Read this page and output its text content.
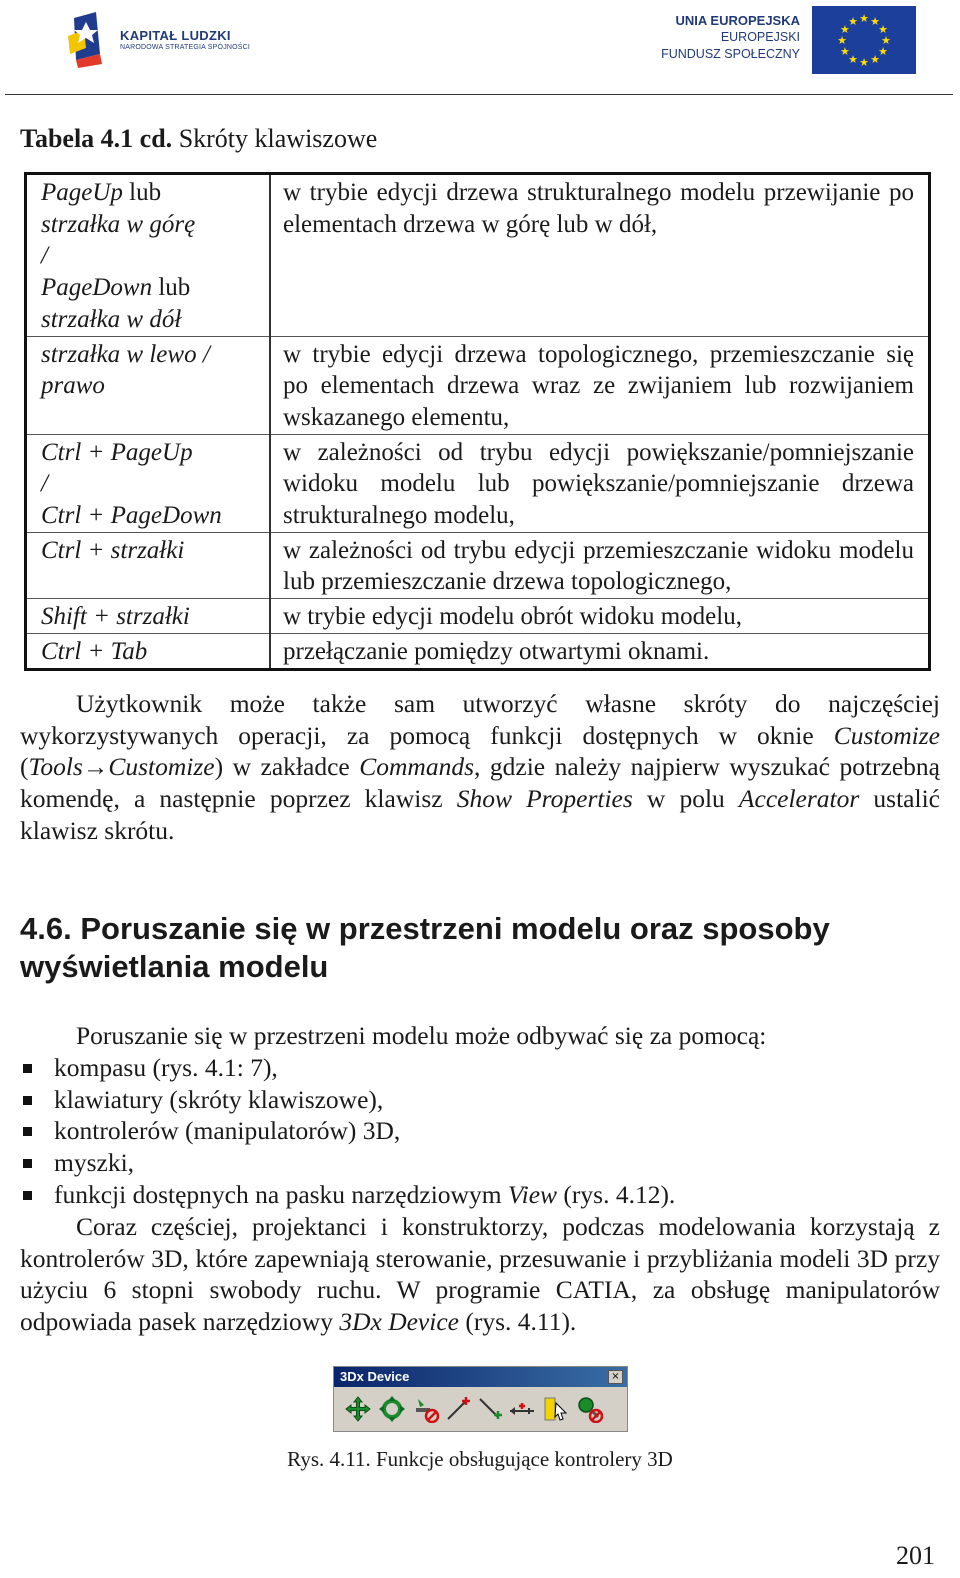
KAPITAŁ LUDZKI
NARODOWA STRATEGIA SPÓJNOŚCI
UNIA EUROPEJSKA
EUROPEJSKI
FUNDUSZ SPOŁECZNY
★ ★
★
★
★
★
★
★
★
★
★
★
Tabela 4.1 cd. Skróty klawiszowe
PageUp lub
strzałka w górę
/
PageDown lub
strzałka w dół	w trybie edycji drzewa strukturalnego modelu przewijanie po elementach drzewa w górę lub w dół,

strzałka w lewo /
prawo	w trybie edycji drzewa topologicznego, przemieszczanie się po elementach drzewa wraz ze zwijaniem lub rozwijaniem wskazanego elementu,

Ctrl + PageUp
/
Ctrl + PageDown	w zależności od trybu edycji powiększanie/pomniejszanie widoku modelu lub powiększanie/pomniejszanie drzewa strukturalnego modelu,

Ctrl + strzałki	w zależności od trybu edycji przemieszczanie widoku modelu lub przemieszczanie drzewa topologicznego,

Shift + strzałki	w trybie edycji modelu obrót widoku modelu,

Ctrl + Tab	przełączanie pomiędzy otwartymi oknami.
Użytkownik może także sam utworzyć własne skróty do najczęściej wykorzystywanych operacji, za pomocą funkcji dostępnych w oknie Customize (Tools→Customize) w zakładce Commands, gdzie należy najpierw wyszukać potrzebną komendę, a następnie poprzez klawisz Show Properties w polu Accelerator ustalić klawisz skrótu.
4.6. Poruszanie się w przestrzeni modelu oraz sposoby wyświetlania modelu
Poruszanie się w przestrzeni modelu może odbywać się za pomocą:
kompasu (rys. 4.1: 7),
klawiatury (skróty klawiszowe),
kontrolerów (manipulatorów) 3D,
myszki,
funkcji dostępnych na pasku narzędziowym View (rys. 4.12).
Coraz częściej, projektanci i konstruktorzy, podczas modelowania korzystają z kontrolerów 3D, które zapewniają sterowanie, przesuwanie i przybliżania modeli 3D przy użyciu 6 stopni swobody ruchu. W programie CATIA, za obsługę manipulatorów odpowiada pasek narzędziowy 3Dx Device (rys. 4.11).
3Dx Device	×
Rys. 4.11. Funkcje obsługujące kontrolery 3D
201
